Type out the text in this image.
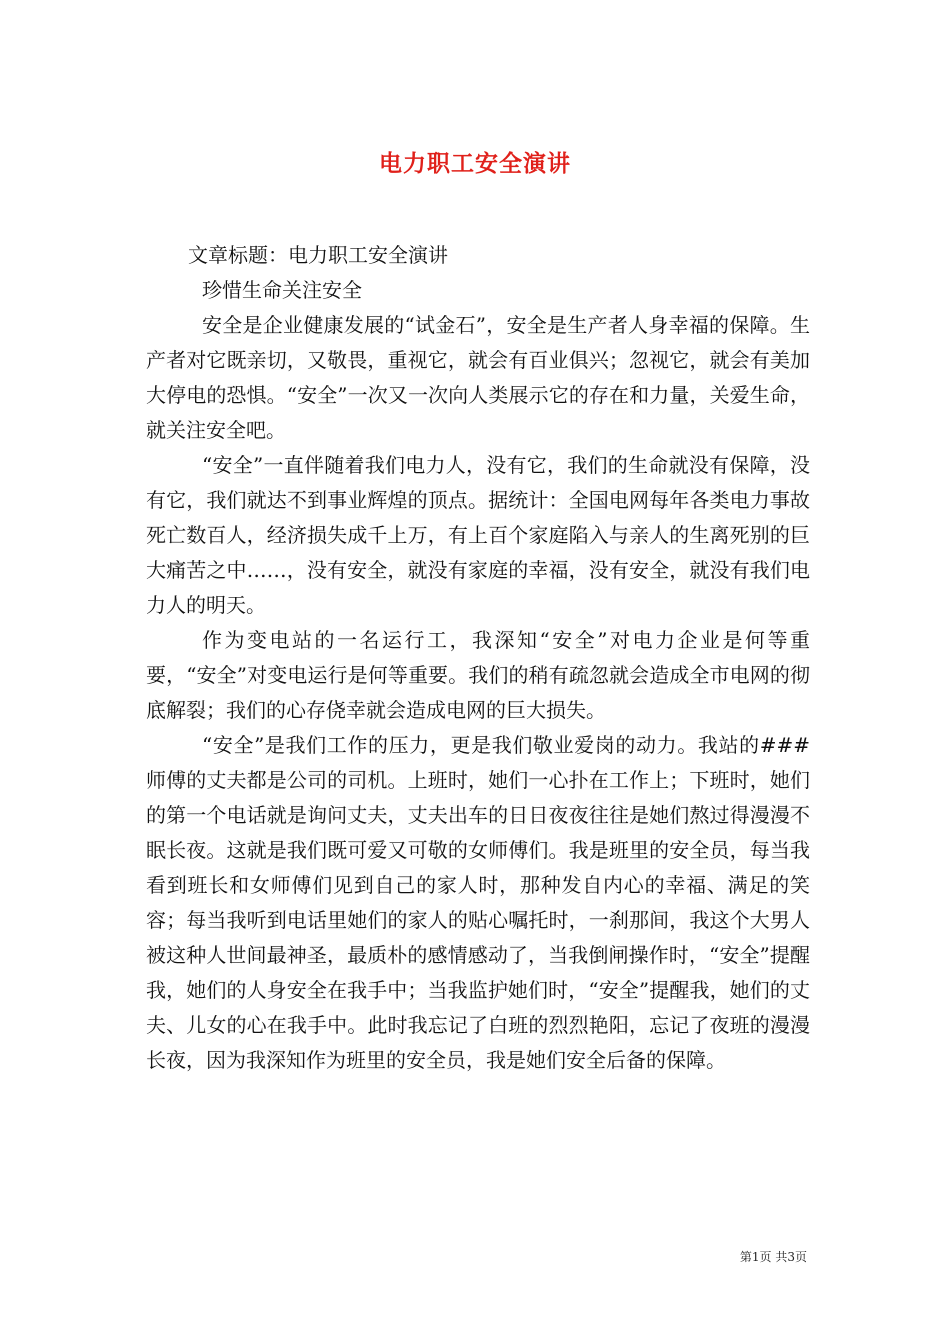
电力职工安全演讲
文章标题：电力职工安全演讲
珍惜生命关注安全

安全是企业健康发展的“试金石”，安全是生产者人身幸福的保障。生产者对它既亲切，又敬畏，重视它，就会有百业俱兴；忽视它，就会有美加大停电的恐惧。“安全”一次又一次向人类展示它的存在和力量，关爱生命，就关注安全吧。

“安全”一直伴随着我们电力人，没有它，我们的生命就没有保障，没有它，我们就达不到事业辉煌的顶点。据统计：全国电网每年各类电力事故死亡数百人，经济损失成千上万，有上百个家庭陷入与亲人的生离死别的巨大痛苦之中……，没有安全，就没有家庭的幸福，没有安全，就没有我们电力人的明天。

作为变电站的一名运行工，我深知“安全”对电力企业是何等重要，“安全”对变电运行是何等重要。我们的稍有疏忽就会造成全市电网的彻底解裂；我们的心存侥幸就会造成电网的巨大损失。

“安全”是我们工作的压力，更是我们敬业爱岗的动力。我站的###师傅的丈夫都是公司的司机。上班时，她们一心扑在工作上；下班时，她们的第一个电话就是询问丈夫，丈夫出车的日日夜夜往往是她们熬过得漫漫不眠长夜。这就是我们既可爱又可敬的女师傅们。我是班里的安全员，每当我看到班长和女师傅们见到自己的家人时，那种发自内心的幸福、满足的笑容；每当我听到电话里她们的家人的贴心嘱托时，一刹那间，我这个大男人被这种人世间最神圣，最质朴的感情感动了，当我倒闸操作时，“安全”提醒我，她们的人身安全在我手中；当我监护她们时，“安全”提醒我，她们的丈夫、儿女的心在我手中。此时我忘记了白班的烈烈艳阳，忘记了夜班的漫漫长夜，因为我深知作为班里的安全员，我是她们安全后备的保障。

第1页 共3页
